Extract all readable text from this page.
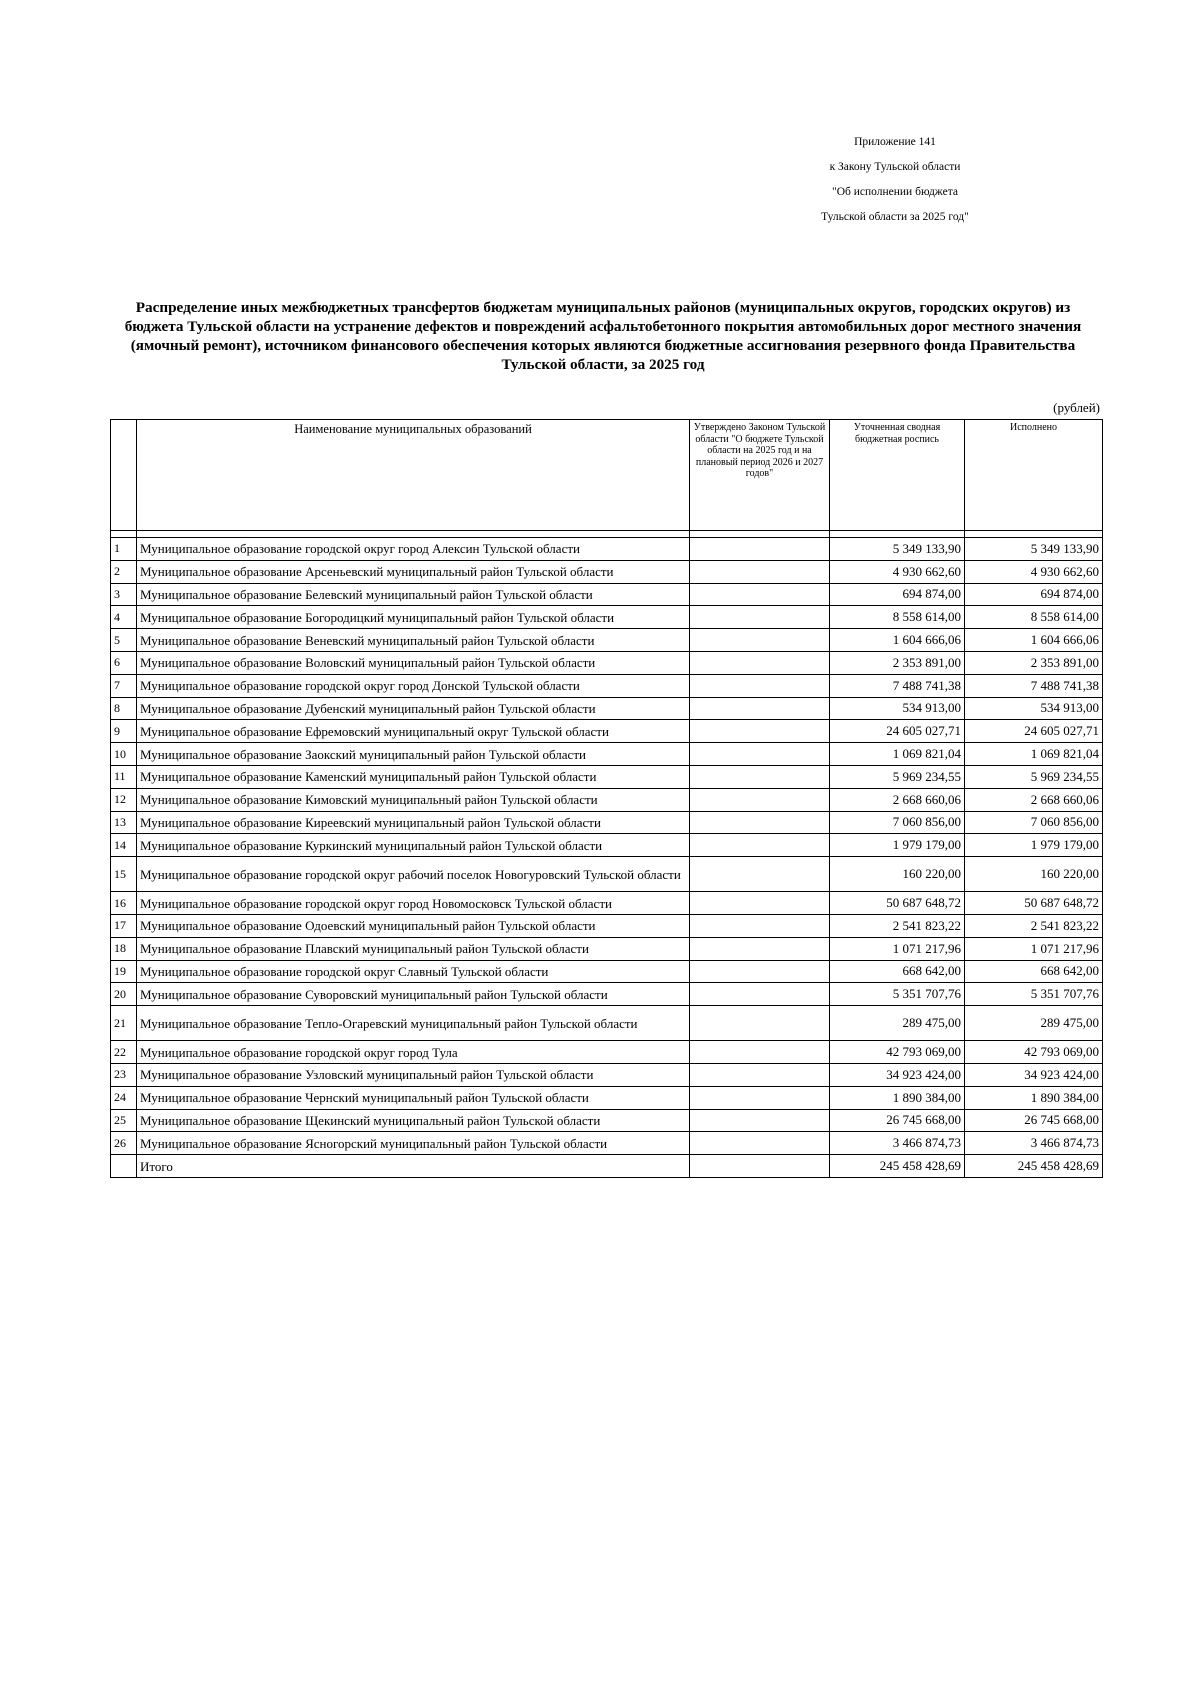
Приложение 141
к Закону Тульской области
"Об исполнении бюджета
Тульской области за 2025 год"
Распределение иных межбюджетных трансфертов бюджетам муниципальных районов (муниципальных округов, городских округов) из бюджета Тульской области на устранение дефектов и повреждений асфальтобетонного покрытия автомобильных дорог местного значения (ямочный ремонт), источником финансового обеспечения которых являются бюджетные ассигнования резервного фонда Правительства Тульской области, за 2025 год
(рублей)
	Наименование муниципальных образований	Утверждено Законом Тульской области "О бюджете Тульской области на 2025 год и на плановый период 2026 и 2027 годов"	Уточненная сводная бюджетная роспись	Исполнено

1	Муниципальное образование городской округ город Алексин Тульской области		5 349 133,90	5 349 133,90
2	Муниципальное образование Арсеньевский муниципальный район Тульской области		4 930 662,60	4 930 662,60
3	Муниципальное образование Белевский муниципальный район Тульской области		694 874,00	694 874,00
4	Муниципальное образование Богородицкий муниципальный район Тульской области		8 558 614,00	8 558 614,00
5	Муниципальное образование Веневский муниципальный район Тульской области		1 604 666,06	1 604 666,06
6	Муниципальное образование Воловский муниципальный район Тульской области		2 353 891,00	2 353 891,00
7	Муниципальное образование городской округ город Донской Тульской области		7 488 741,38	7 488 741,38
8	Муниципальное образование Дубенский муниципальный район Тульской области		534 913,00	534 913,00
9	Муниципальное образование Ефремовский муниципальный округ Тульской области		24 605 027,71	24 605 027,71
10	Муниципальное образование Заокский муниципальный район Тульской области		1 069 821,04	1 069 821,04
11	Муниципальное образование Каменский муниципальный район Тульской области		5 969 234,55	5 969 234,55
12	Муниципальное образование Кимовский муниципальный район Тульской области		2 668 660,06	2 668 660,06
13	Муниципальное образование Киреевский муниципальный район Тульской области		7 060 856,00	7 060 856,00
14	Муниципальное образование Куркинский муниципальный район Тульской области		1 979 179,00	1 979 179,00
15	Муниципальное образование городской округ рабочий поселок Новогуровский Тульской области		160 220,00	160 220,00
16	Муниципальное образование городской округ город Новомосковск Тульской области		50 687 648,72	50 687 648,72
17	Муниципальное образование Одоевский муниципальный район Тульской области		2 541 823,22	2 541 823,22
18	Муниципальное образование Плавский муниципальный район Тульской области		1 071 217,96	1 071 217,96
19	Муниципальное образование городской округ Славный Тульской области		668 642,00	668 642,00
20	Муниципальное образование Суворовский муниципальный район Тульской области		5 351 707,76	5 351 707,76
21	Муниципальное образование Тепло-Огаревский муниципальный район Тульской области		289 475,00	289 475,00
22	Муниципальное образование городской округ город Тула		42 793 069,00	42 793 069,00
23	Муниципальное образование Узловский муниципальный район Тульской области		34 923 424,00	34 923 424,00
24	Муниципальное образование Чернский муниципальный район Тульской области		1 890 384,00	1 890 384,00
25	Муниципальное образование Щекинский муниципальный район Тульской области		26 745 668,00	26 745 668,00
26	Муниципальное образование Ясногорский муниципальный район Тульской области		3 466 874,73	3 466 874,73
	Итого		245 458 428,69	245 458 428,69
